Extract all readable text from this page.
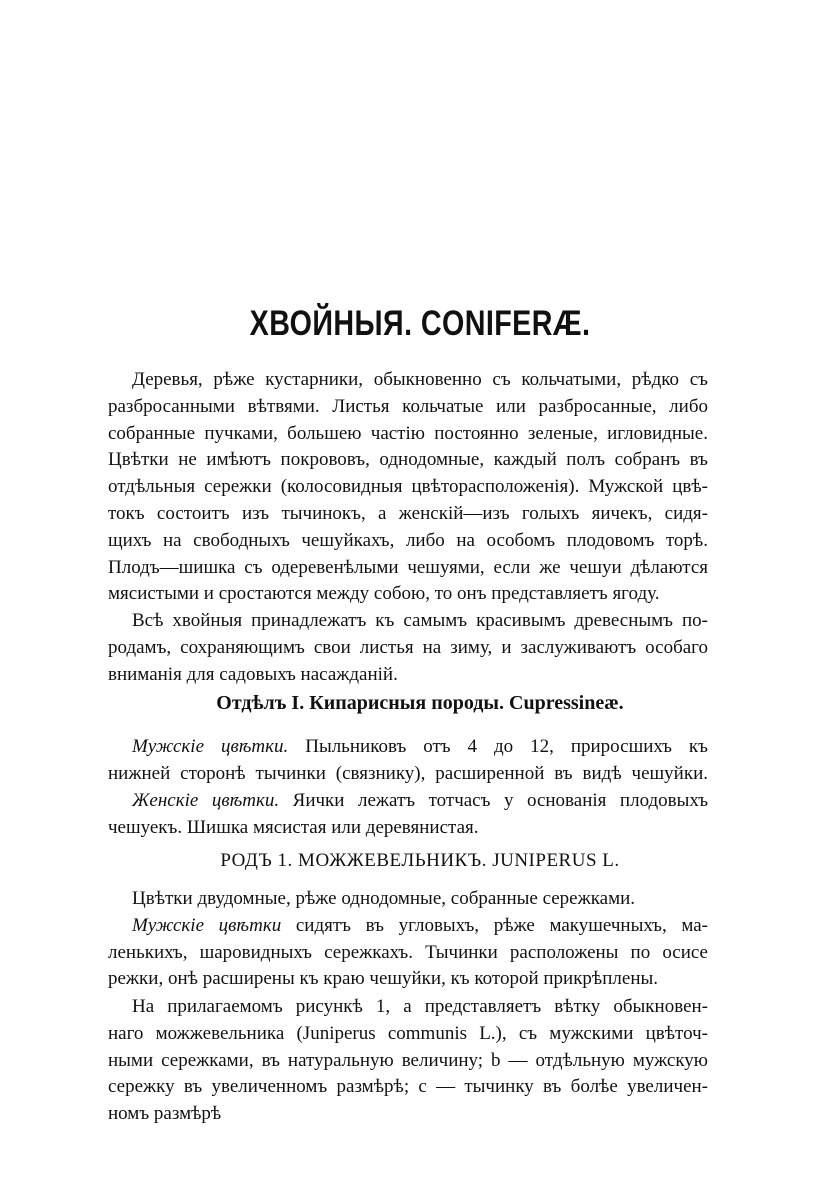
ХВОЙНЫЯ. CONIFERÆ.
Деревья, рѣже кустарники, обыкновенно съ кольчатыми, рѣдко съ
разбросанными вѣтвями. Листья кольчатые или разбросанные, либо
собранные пучками, большею частію постоянно зеленые, игловидные.
Цвѣтки не имѣютъ покрововъ, однодомные, каждый полъ собранъ въ
отдѣльныя сережки (колосовидныя цвѣторасположенія). Мужской цвѣ-
токъ состоитъ изъ тычинокъ, а женскій—изъ голыхъ яичекъ, сидя-
щихъ на свободныхъ чешуйкахъ, либо на особомъ плодовомъ торѣ.
Плодъ—шишка съ одеревенѣлыми чешуями, если же чешуи дѣлаются
мясистыми и сростаются между собою, то онъ представляетъ ягоду.
Всѣ хвойныя принадлежатъ къ самымъ красивымъ древеснымъ по-
родамъ, сохраняющимъ свои листья на зиму, и заслуживаютъ особаго
вниманія для садовыхъ насажданій.
Отдѣлъ I. Кипарисныя породы. Cupressineæ.
Мужскіе цвѣтки. Пыльниковъ отъ 4 до 12, приросшихъ къ
нижней сторонѣ тычинки (связнику), расширенной въ видѣ чешуйки.
Женскіе цвѣтки. Яички лежатъ тотчасъ у основанія плодовыхъ
чешуекъ. Шишка мясистая или деревянистая.
РОДЪ 1. МОЖЖЕВЕЛЬНИКЪ. JUNIPERUS L.
Цвѣтки двудомные, рѣже однодомные, собранные сережками.
Мужскіе цвѣтки сидятъ въ угловыхъ, рѣже макушечныхъ, ма-
ленькихъ, шаровидныхъ сережкахъ. Тычинки расположены по осисе
режки, онѣ расширены къ краю чешуйки, къ которой прикрѣплены.
На прилагаемомъ рисункѣ 1, a представляетъ вѣтку обыкновен-
наго можжевельника (Juniperus communis L.), съ мужскими цвѣточ-
ными сережками, въ натуральную величину; b — отдѣльную мужскую
сережку въ увеличенномъ размѣрѣ; c — тычинку въ болѣе увеличен-
номъ размѣрѣ
